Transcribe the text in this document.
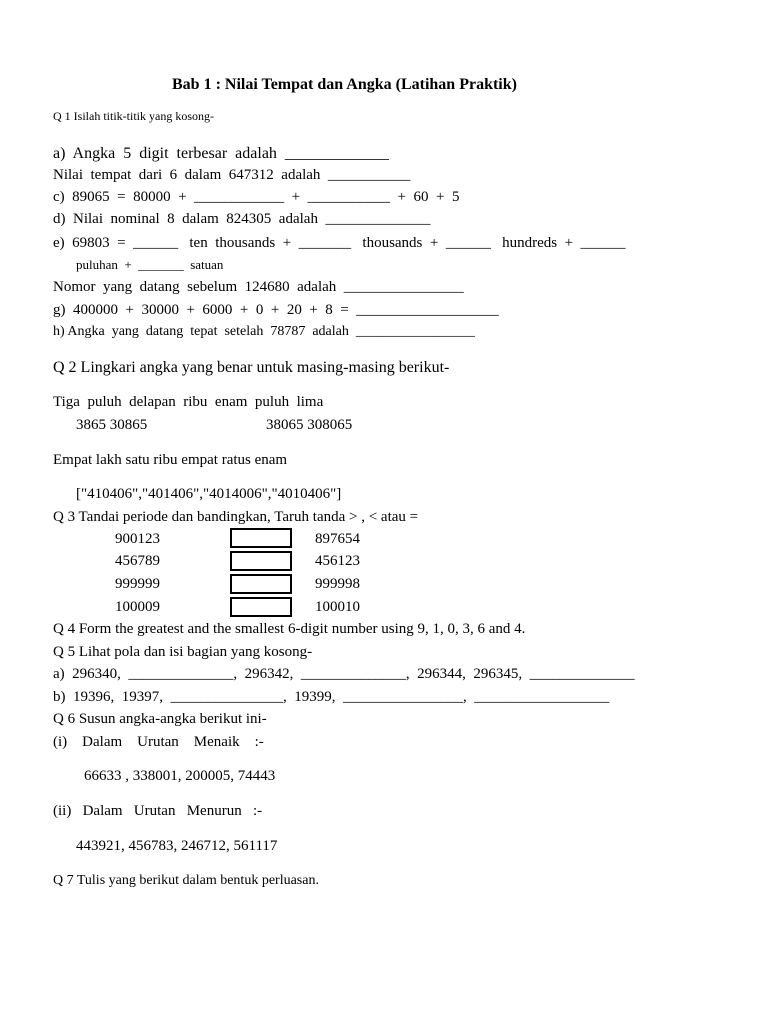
Bab 1 : Nilai Tempat dan Angka (Latihan Praktik)
Q 1 Isilah titik-titik yang kosong-
a)  Angka  5  digit  terbesar  adalah  _____________
Nilai  tempat  dari  6  dalam  647312  adalah  ___________
c)  89065  =  80000  +  ____________  +  ___________  +  60  +  5
d)  Nilai  nominal  8  dalam  824305  adalah  ______________
e)  69803  =  ______   ten  thousands  +  _______   thousands  +  ______   hundreds  +  ______
puluhan  +  _______  satuan
Nomor  yang  datang  sebelum  124680  adalah  ________________
g)  400000  +  30000  +  6000  +  0  +  20  +  8  =  ___________________
h) Angka  yang  datang  tepat  setelah  78787  adalah  _________________
Q 2 Lingkari angka yang benar untuk masing-masing berikut-
Tiga  puluh  delapan  ribu  enam  puluh  lima
3865 30865	38065 308065
Empat lakh satu ribu empat ratus enam
["410406","401406","4014006","4010406"]
Q 3 Tandai periode dan bandingkan, Taruh tanda > , < atau =
900123
456789
999999
100009
897654
456123
999998
100010
Q 4 Form the greatest and the smallest 6-digit number using 9, 1, 0, 3, 6 and 4.
Q 5 Lihat pola dan isi bagian yang kosong-
a)  296340,  ______________,  296342,  ______________,  296344,  296345,  ______________
b)  19396,  19397,  _______________,  19399,  ________________,  __________________
Q 6 Susun angka-angka berikut ini-
(i)    Dalam    Urutan    Menaik    :-
66633 , 338001, 200005, 74443
(ii)   Dalam   Urutan   Menurun   :-
443921, 456783, 246712, 561117
Q 7 Tulis yang berikut dalam bentuk perluasan.
